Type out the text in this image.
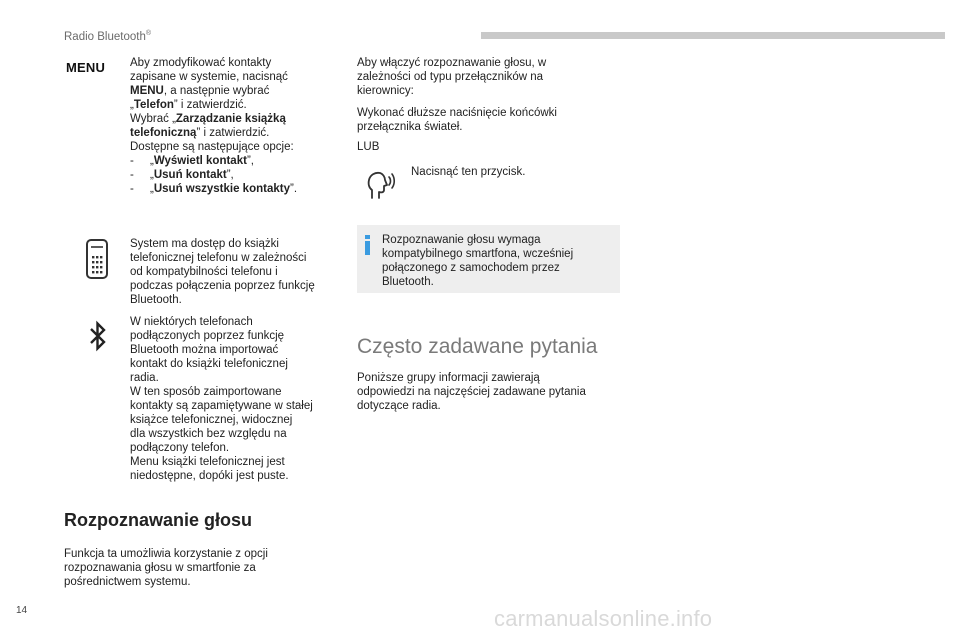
Radio Bluetooth®
MENU Aby zmodyfikować kontakty

zapisane w systemie, nacisnąć

MENU, a następnie wybrać

„Telefon” i zatwierdzić.

Wybrać „Zarządzanie książką

telefoniczną” i zatwierdzić.

Dostępne są następujące opcje:

- „Wyświetl kontakt”,

- „Usuń kontakt”,

- „Usuń wszystkie kontakty”.

System ma dostęp do książki

telefonicznej telefonu w zależności

od kompatybilności telefonu i

podczas połączenia poprzez funkcję

Bluetooth.

W niektórych telefonach

podłączonych poprzez funkcję

Bluetooth można importować

kontakt do książki telefonicznej

radia.

W ten sposób zaimportowane

kontakty są zapamiętywane w stałej

książce telefonicznej, widocznej

dla wszystkich bez względu na

podłączony telefon.

Menu książki telefonicznej jest

niedostępne, dopóki jest puste.

Rozpoznawanie głosu

Funkcja ta umożliwia korzystanie z opcji

rozpoznawania głosu w smartfonie za

pośrednictwem systemu.

Aby włączyć rozpoznawanie głosu, w

zależności od typu przełączników na

kierownicy:

Wykonać dłuższe naciśnięcie końcówki

przełącznika świateł.

LUB
Nacisnąć ten przycisk.

Rozpoznawanie głosu wymaga

kompatybilnego smartfona, wcześniej

połączonego z samochodem przez

Bluetooth.

Często zadawane pytania

Poniższe grupy informacji zawierają

odpowiedzi na najczęściej zadawane pytania

dotyczące radia.

14	carmanualsonline.info
